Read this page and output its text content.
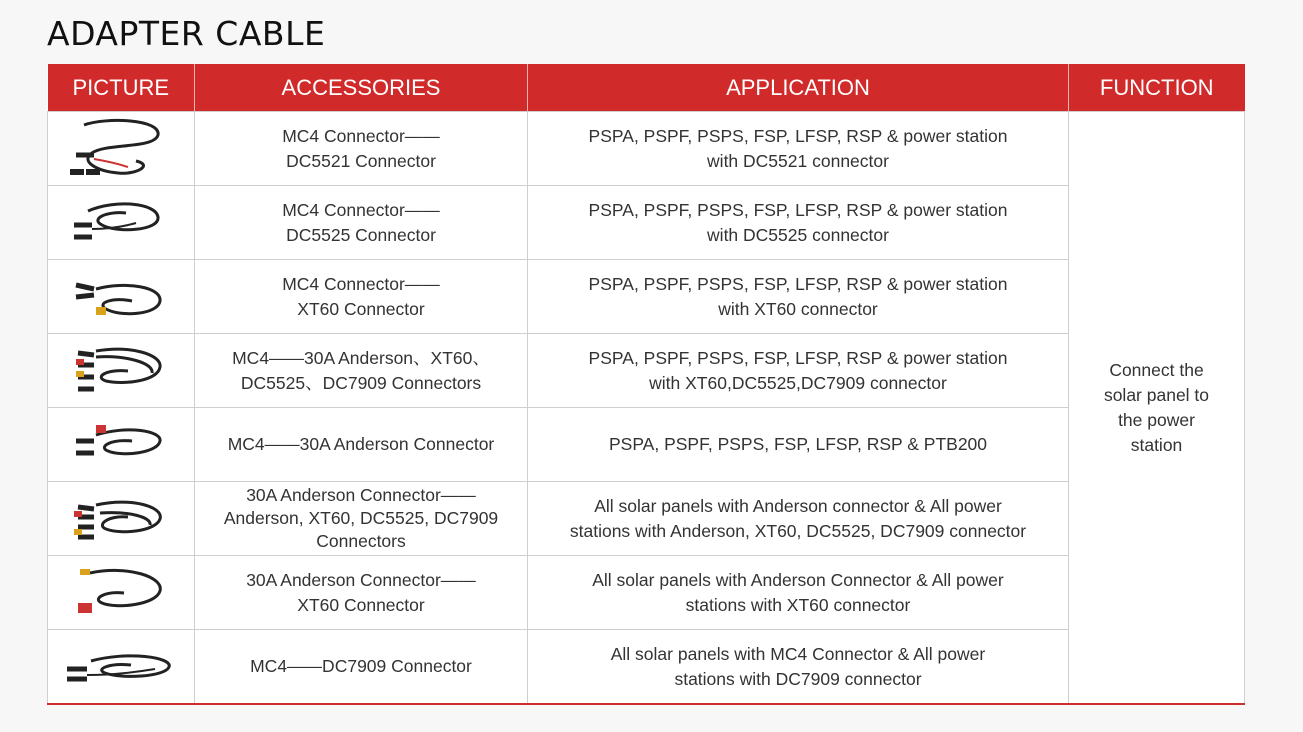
ADAPTER CABLE
PICTURE	ACCESSORIES	APPLICATION	FUNCTION

MC4 Connector——
DC5521 Connector	PSPA, PSPF, PSPS, FSP, LFSP, RSP & power station
with DC5521 connector	Connect the
solar panel to
the power
station

MC4 Connector——
DC5525 Connector	PSPA, PSPF, PSPS, FSP, LFSP, RSP & power station
with DC5525 connector	

MC4 Connector——
XT60 Connector	PSPA, PSPF, PSPS, FSP, LFSP, RSP & power station
with XT60 connector	

MC4——30A Anderson、XT60、
DC5525、DC7909 Connectors	PSPA, PSPF, PSPS, FSP, LFSP, RSP & power station
with XT60,DC5525,DC7909 connector	

MC4——30A Anderson Connector	PSPA, PSPF, PSPS, FSP, LFSP, RSP & PTB200	

30A Anderson Connector——
Anderson, XT60, DC5525, DC7909
Connectors	All solar panels with Anderson connector & All power
stations with Anderson, XT60, DC5525, DC7909 connector	

30A Anderson Connector——
XT60 Connector	All solar panels with Anderson Connector & All power
stations with XT60 connector	

MC4——DC7909 Connector	All solar panels with MC4 Connector & All power
stations with DC7909 connector	
